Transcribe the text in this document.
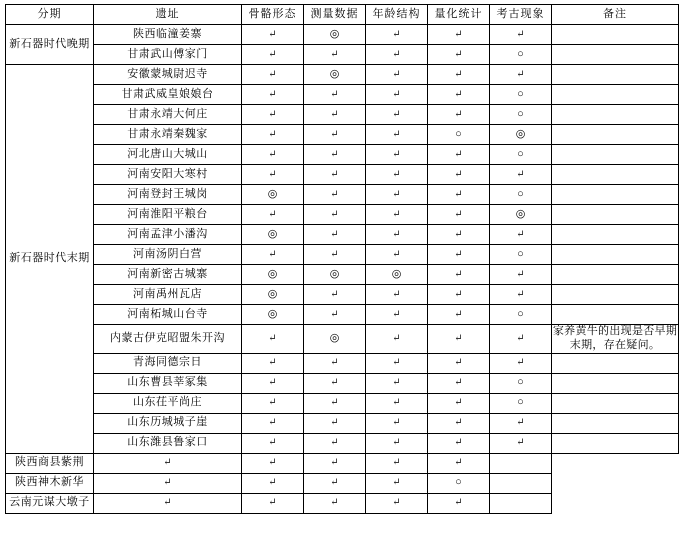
分期	遗址	骨骼形态	测量数据	年龄结构	量化统计	考古现象	备注
新石器时代晚期	陕西临潼姜寨	↵	◎	↵	↵	↵	
	甘肃武山傅家门	↵	↵	↵	↵	○	
新石器时代末期	安徽蒙城尉迟寺	↵	◎	↵	↵	↵	
	甘肃武威皇娘娘台	↵	↵	↵	↵	○	
	甘肃永靖大何庄	↵	↵	↵	↵	○	
	甘肃永靖秦魏家	↵	↵	↵	○	◎	
	河北唐山大城山	↵	↵	↵	↵	○	
	河南安阳大寒村	↵	↵	↵	↵	↵	
	河南登封王城岗	◎	↵	↵	↵	○	
	河南淮阳平粮台	↵	↵	↵	↵	◎	
	河南孟津小潘沟	◎	↵	↵	↵	↵	
	河南汤阴白营	↵	↵	↵	↵	○	
	河南新密古城寨	◎	◎	◎	↵	↵	
	河南禹州瓦店	◎	↵	↵	↵	↵	
	河南柘城山台寺	◎	↵	↵	↵	○	
	内蒙古伊克昭盟朱开沟	↵	◎	↵	↵	↵	家养黄牛的出现是否早期末期，存在疑问。
	青海同德宗日	↵	↵	↵	↵	↵	
	山东曹县莘冢集	↵	↵	↵	↵	○	
	山东茌平尚庄	↵	↵	↵	↵	○	
	山东历城城子崖	↵	↵	↵	↵	↵	
	山东潍县鲁家口	↵	↵	↵	↵	↵	
陕西商县紫荆	↵	↵	↵	↵	↵	
陕西神木新华	↵	↵	↵	↵	○	
云南元谋大墩子	↵	↵	↵	↵	↵	
